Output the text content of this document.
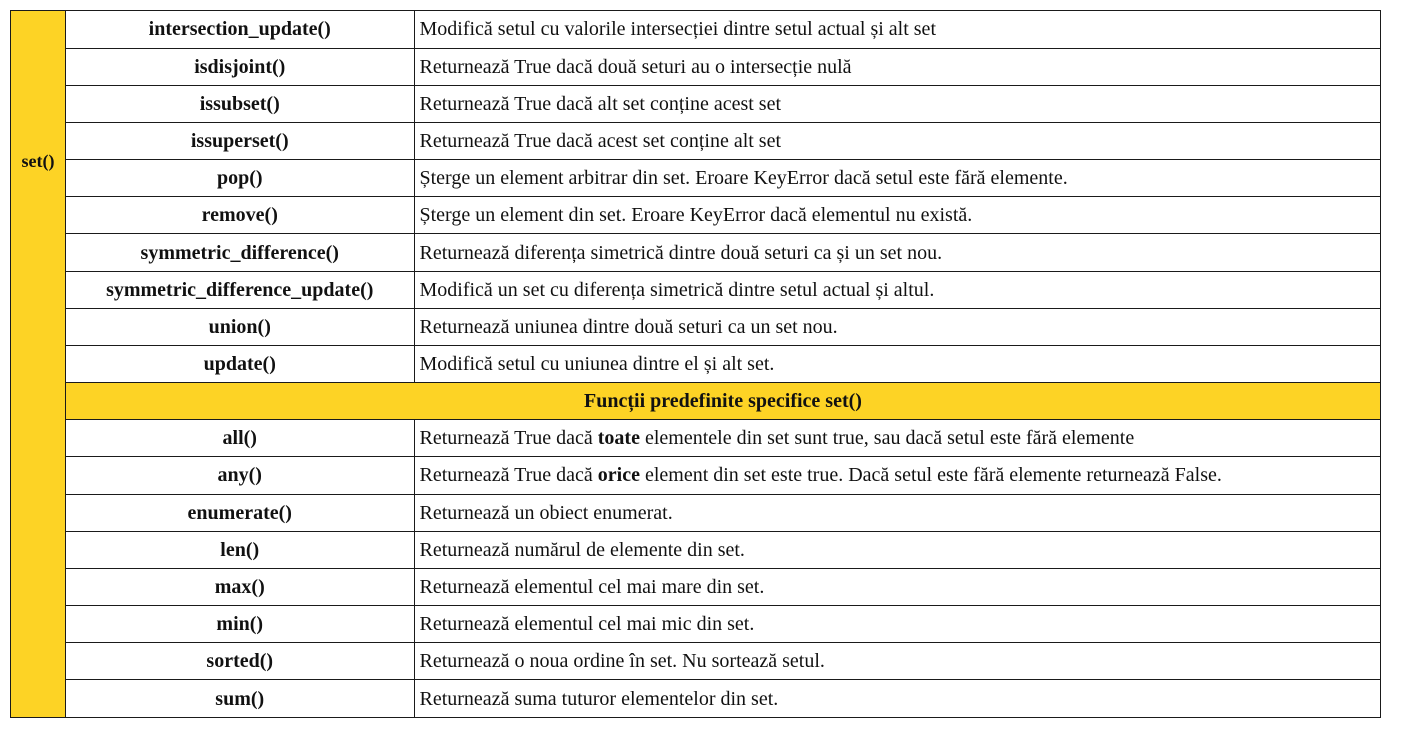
set()
intersection_update()	Modifică setul cu valorile intersecției dintre setul actual și alt set
isdisjoint()	Returnează True dacă două seturi au o intersecție nulă
issubset()	Returnează True dacă alt set conține acest set
issuperset()	Returnează True dacă acest set conține alt set
pop()	Șterge un element arbitrar din set. Eroare KeyError dacă setul este fără elemente.
remove()	Șterge un element din set. Eroare KeyError dacă elementul nu există.
symmetric_difference()	Returnează diferența simetrică dintre două seturi ca și un set nou.
symmetric_difference_update()	Modifică un set cu diferența simetrică dintre setul actual și altul.
union()	Returnează uniunea dintre două seturi ca un set nou.
update()	Modifică setul cu uniunea dintre el și alt set.
Funcții predefinite specifice set()	
all()	Returnează True dacă toate elementele din set sunt true, sau dacă setul este fără elemente
any()	Returnează True dacă orice element din set este true. Dacă setul este fără elemente returnează False.
enumerate()	Returnează un obiect enumerat.
len()	Returnează numărul de elemente din set.
max()	Returnează elementul cel mai mare din set.
min()	Returnează elementul cel mai mic din set.
sorted()	Returnează o noua ordine în set. Nu sortează setul.
sum()	Returnează suma tuturor elementelor din set.
